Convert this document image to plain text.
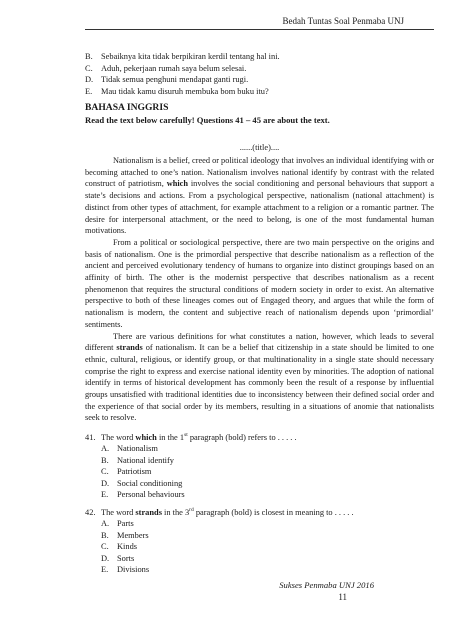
Bedah Tuntas Soal Penmaba UNJ
B. Sebaiknya kita tidak berpikiran kerdil tentang hal ini.
C. Aduh, pekerjaan rumah saya belum selesai.
D. Tidak semua penghuni mendapat ganti rugi.
E.	Mau tidak kamu disuruh membuka bom buku itu?
BAHASA INGGRIS
Read the text below carefully! Questions 41 – 45 are about the text.
......(title)....

Nationalism is a belief, creed or political ideology that involves an individual identifying with or becoming attached to one’s nation. Nationalism involves national identify by contrast with the related construct of patriotism, which involves the social conditioning and personal behaviours that support a state’s decisions and actions. From a psychological perspective, nationalism (national attachment) is distinct from other types of attachment, for example attachment to a religion or a romantic partner. The desire for interpersonal attachment, or the need to belong, is one of the most fundamental human motivations.

From a political or sociological perspective, there are two main perspective on the origins and basis of nationalism. One is the primordial perspective that describe nationalism as a reflection of the ancient and perceived evolutionary tendency of humans to organize into distinct groupings based on an affinity of birth. The other is the modernist perspective that describes nationalism as a recent phenomenon that requires the structural conditions of modern society in order to exist. An alternative perspective to both of these lineages comes out of Engaged theory, and argues that while the form of nationalism is modern, the content and subjective reach of nationalism depends upon ‘primordial’ sentiments.

There are various definitions for what constitutes a nation, however, which leads to several different strands of nationalism. It can be a belief that citizenship in a state should be limited to one ethnic, cultural, religious, or identify group, or that multinationality in a single state should necessary comprise the right to express and exercise national identity even by minorities. The adoption of national identify in terms of historical development has commonly been the result of a response by influential groups unsatisfied with traditional identities due to inconsistency between their defined social order and the experience of that social order by its members, resulting in a situations of anomie that nationalists seek to resolve.

41. The word which in the 1st paragraph (bold) refers to . . . . .
A. Nationalism
B. National identify
C. Patriotism
D. Social conditioning
E.	Personal behaviours
42. The word strands in the 3rd paragraph (bold) is closest in meaning to . . . . .
A. Parts
B. Members
C. Kinds
D. Sorts
E.	Divisions
Sukses Penmaba UNJ 2016
11
